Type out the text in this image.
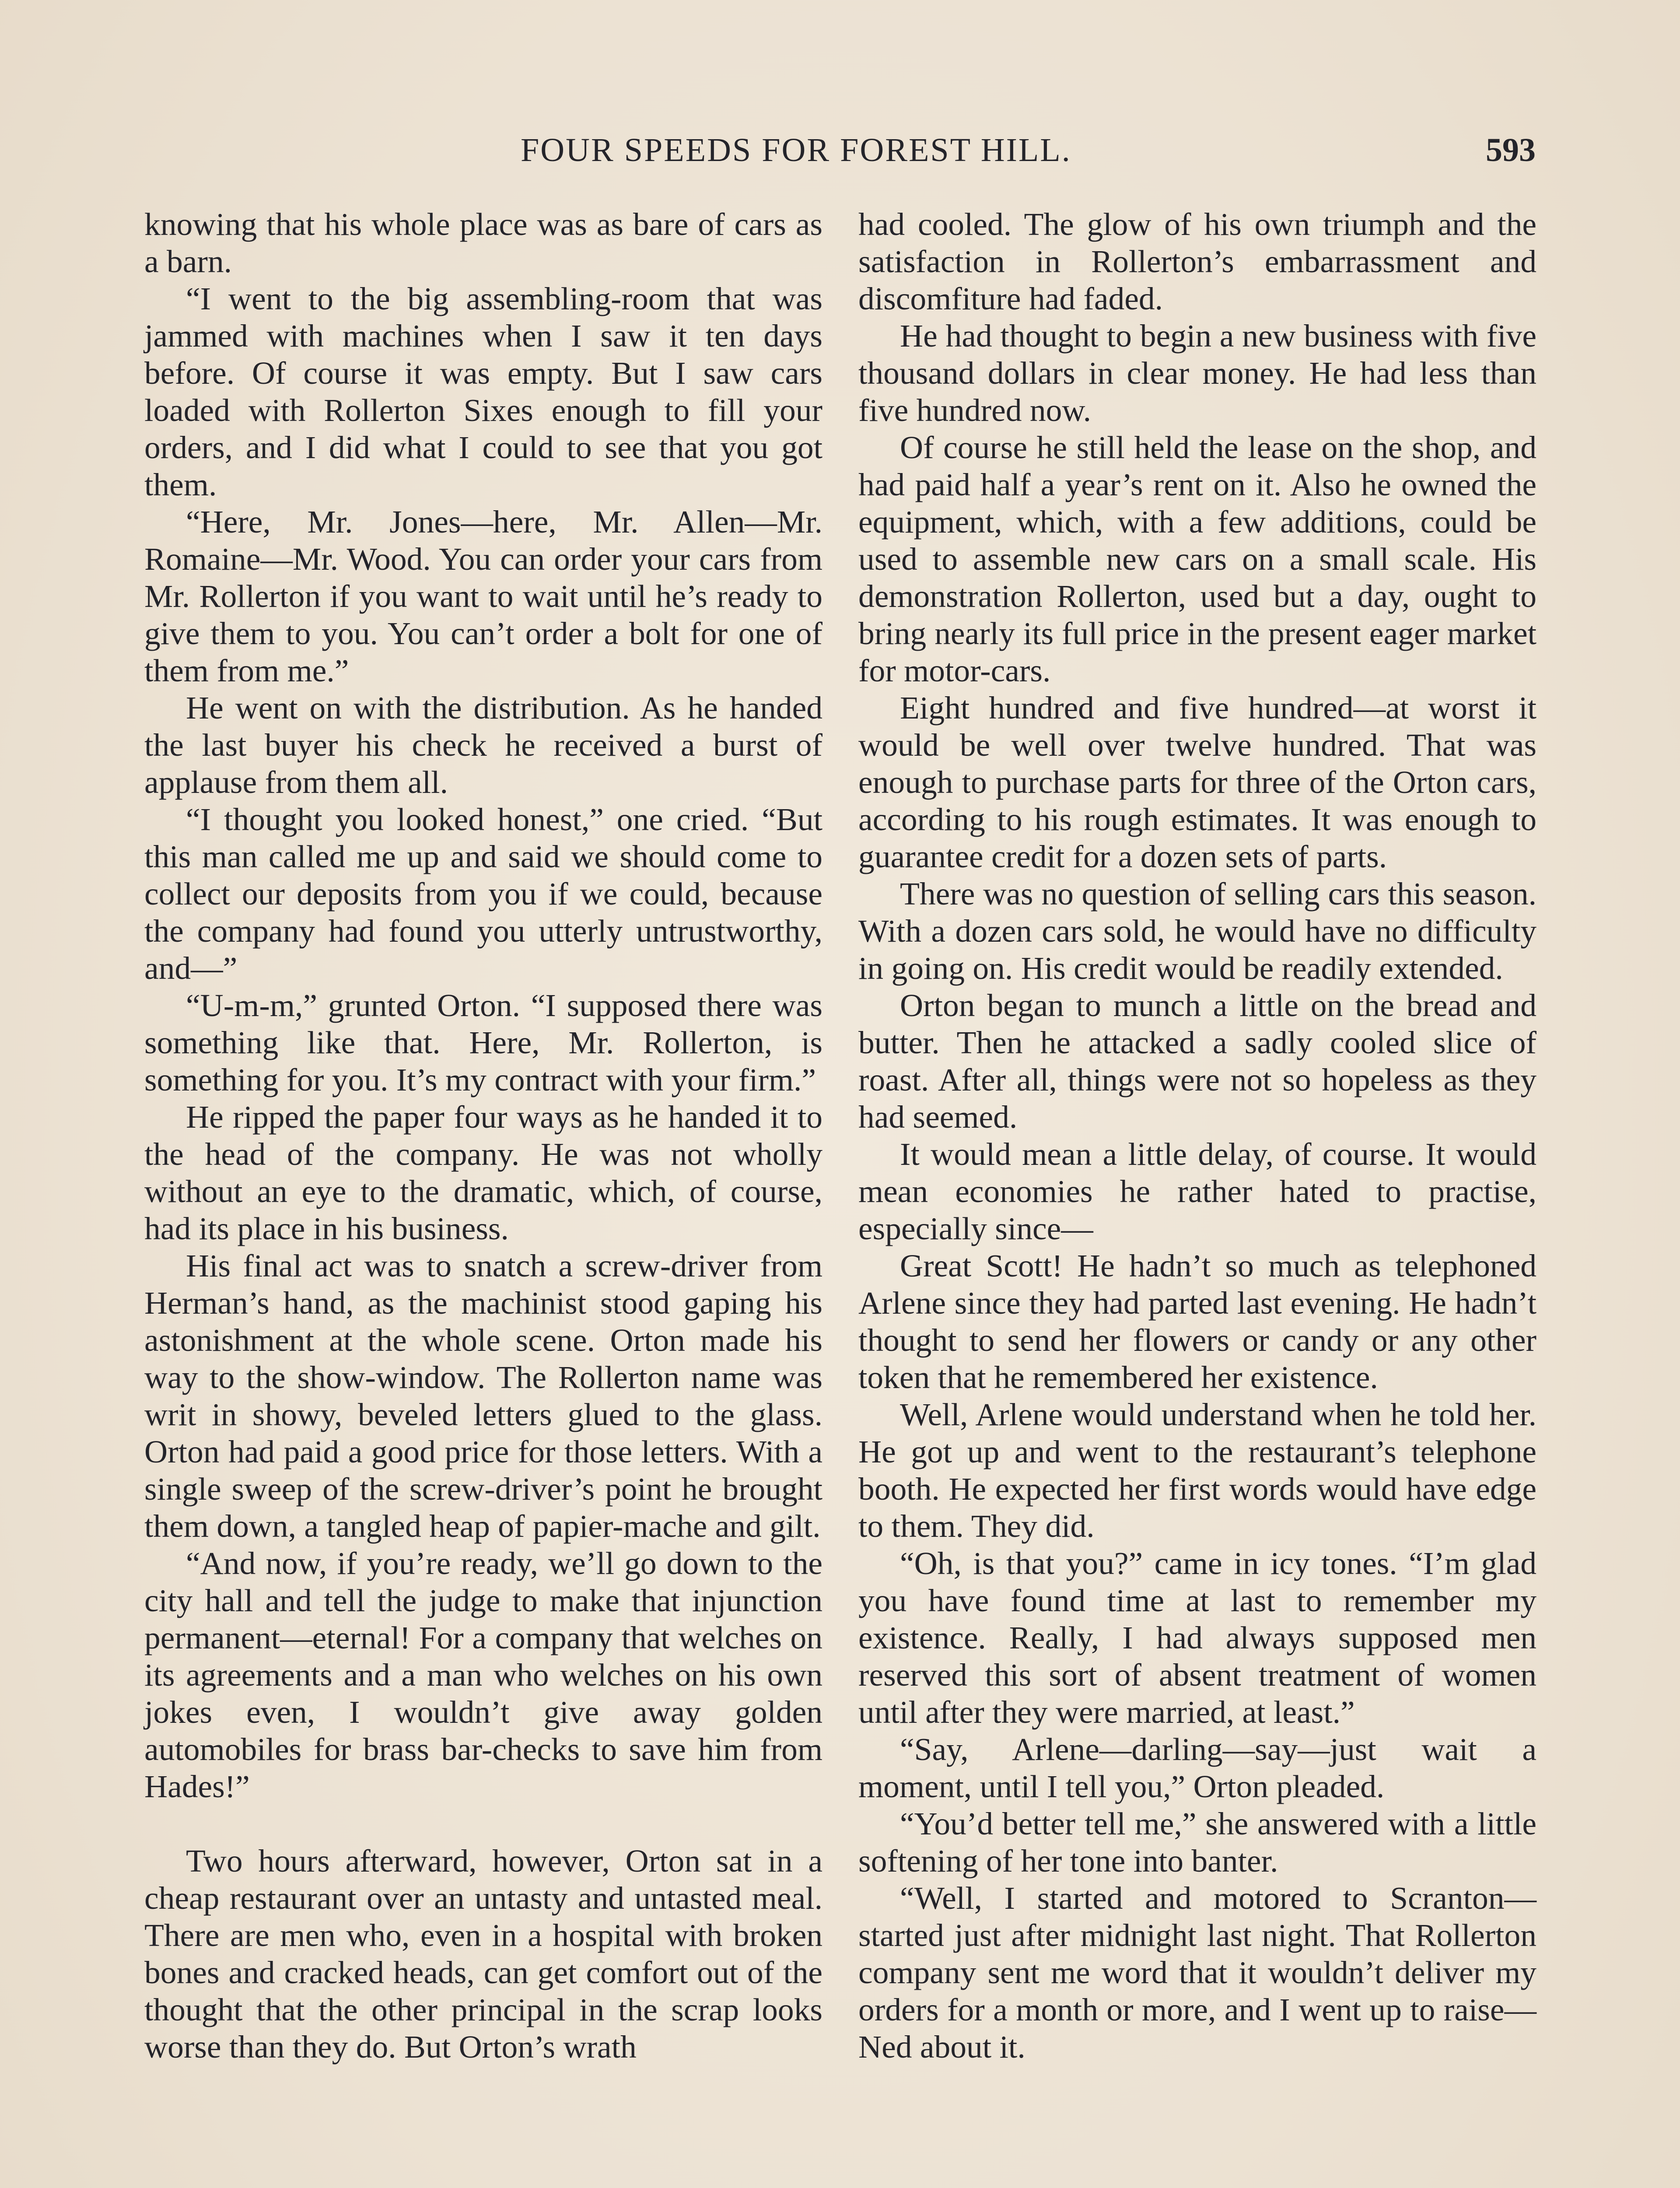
FOUR SPEEDS FOR FOREST HILL.	593

knowing that his whole place was as bare of cars as a barn.

“I went to the big assembling-room that was jammed with machines when I saw it ten days before. Of course it was empty. But I saw cars loaded with Rollerton Sixes enough to fill your orders, and I did what I could to see that you got them.

“Here, Mr. Jones—here, Mr. Allen—Mr. Romaine—Mr. Wood. You can order your cars from Mr. Rollerton if you want to wait until he’s ready to give them to you. You can’t order a bolt for one of them from me.”

He went on with the distribution. As he handed the last buyer his check he received a burst of applause from them all.

“I thought you looked honest,” one cried. “But this man called me up and said we should come to collect our deposits from you if we could, because the company had found you utterly untrustworthy, and—”

“U-m-m,” grunted Orton. “I supposed there was something like that. Here, Mr. Rollerton, is something for you. It’s my contract with your firm.”

He ripped the paper four ways as he handed it to the head of the company. He was not wholly without an eye to the dramatic, which, of course, had its place in his business.

His final act was to snatch a screw-driver from Herman’s hand, as the machinist stood gaping his astonishment at the whole scene. Orton made his way to the show-window. The Rollerton name was writ in showy, beveled letters glued to the glass. Orton had paid a good price for those letters. With a single sweep of the screw-driver’s point he brought them down, a tangled heap of papier-mache and gilt.

“And now, if you’re ready, we’ll go down to the city hall and tell the judge to make that injunction permanent—eternal! For a company that welches on its agreements and a man who welches on his own jokes even, I wouldn’t give away golden automobiles for brass bar-checks to save him from Hades!”

Two hours afterward, however, Orton sat in a cheap restaurant over an untasty and untasted meal. There are men who, even in a hospital with broken bones and cracked heads, can get comfort out of the thought that the other principal in the scrap looks worse than they do. But Orton’s wrath

had cooled. The glow of his own triumph and the satisfaction in Rollerton’s embarrassment and discomfiture had faded.

He had thought to begin a new business with five thousand dollars in clear money. He had less than five hundred now.

Of course he still held the lease on the shop, and had paid half a year’s rent on it. Also he owned the equipment, which, with a few additions, could be used to assemble new cars on a small scale. His demonstration Rollerton, used but a day, ought to bring nearly its full price in the present eager market for motor-cars.

Eight hundred and five hundred—at worst it would be well over twelve hundred. That was enough to purchase parts for three of the Orton cars, according to his rough estimates. It was enough to guarantee credit for a dozen sets of parts.

There was no question of selling cars this season. With a dozen cars sold, he would have no difficulty in going on. His credit would be readily extended.

Orton began to munch a little on the bread and butter. Then he attacked a sadly cooled slice of roast. After all, things were not so hopeless as they had seemed.

It would mean a little delay, of course. It would mean economies he rather hated to practise, especially since—

Great Scott! He hadn’t so much as telephoned Arlene since they had parted last evening. He hadn’t thought to send her flowers or candy or any other token that he remembered her existence.

Well, Arlene would understand when he told her. He got up and went to the restaurant’s telephone booth. He expected her first words would have edge to them. They did.

“Oh, is that you?” came in icy tones. “I’m glad you have found time at last to remember my existence. Really, I had always supposed men reserved this sort of absent treatment of women until after they were married, at least.”

“Say, Arlene—darling—say—just wait a moment, until I tell you,” Orton pleaded.

“You’d better tell me,” she answered with a little softening of her tone into banter.

“Well, I started and motored to Scranton—started just after midnight last night. That Rollerton company sent me word that it wouldn’t deliver my orders for a month or more, and I went up to raise—Ned about it.
